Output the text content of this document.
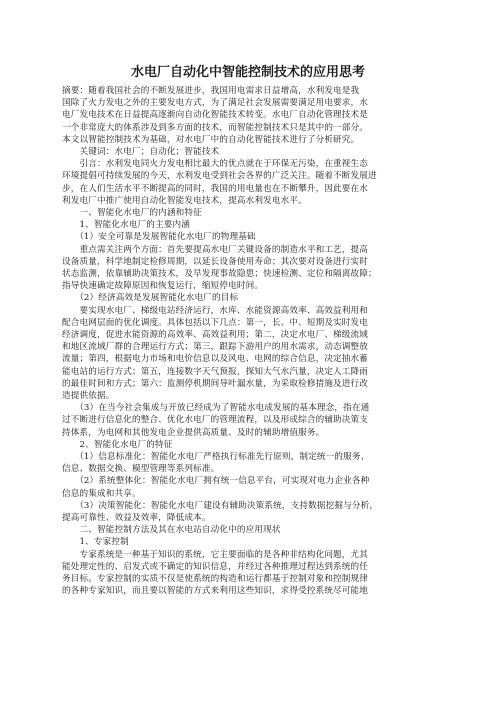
水电厂自动化中智能控制技术的应用思考
摘要：随着我国社会的不断发展进步，我国用电需求日益增高，水利发电是我
国除了火力发电之外的主要发电方式，为了满足社会发展需要满足用电要求，水
电厂发电技术在日益提高逐渐向自动化智能技术转变。水电厂自动化管理技术是
一个非常庞大的体系涉及到多方面的技术，而智能控制技术只是其中的一部分。
本文以智能控制技术为基础，对水电厂中的自动化智能技术进行了分析研究。
　　关键词：水电厂；自动化；智能技术
　　引言：水利发电同火力发电相比最大的优点就在于环保无污染，在重视生态
环境提倡可持续发展的今天，水利发电受到社会各界的广泛关注。随着不断发展进
步，在人们生活水平不断提高的同时，我国的用电量也在不断攀升，因此要在水
利发电厂中推广使用自动化智能发电技术，提高水利发电水平。
　　一、智能化水电厂的内涵和特征
　　1、智能化水电厂的主要内涵
　　（1）安全可靠是发展智能化水电厂的物理基础
　　重点需关注两个方面：首先要提高水电厂关键设备的制造水平和工艺，提高
设备质量，科学地制定检修周期，以延长设备使用寿命；其次要对设备进行实时
状态监测，依靠辅助决策技术，及早发现事故隐患；快速检测、定位和隔离故障；
指导快速确定故障原因和恢复运行，缩短停电时间。
　　（2）经济高效是发展智能化水电厂的目标
　　要实现水电厂、梯级电站经济运行，水库、水能资源高效率、高效益利用和
配合电网层面的优化调度。具体包括以下几点：第一，长、中、短期及实时发电
经济调度，促进水能资源的高效率、高效益利用；第二，决定水电厂、梯级流域
和地区流域厂群的合理运行方式；第三，跟踪下游用户的用水需求，动态调整放
流量；第四，根据电力市场和电价信息以及风电、电网的综合信息，决定抽水蓄
能电站的运行方式；第五，连接数字天气预报，探知大气水汽量，决定人工降雨
的最佳时间和方式；第六：监测停机期间导叶漏水量，为采取检修措施及进行改
造提供依据。
　　（3）在当今社会集成与开放已经成为了智能水电成发展的基本理念，指在通
过不断进行信息化的整合、优化水电厂的管理流程，以及形成综合的辅助决策支
持体系，为电网和其他发电企业提供高质量、及时的辅助增值服务。
　　2、智能化水电厂的特征
　　（1）信息标准化：智能化水电厂严格执行标准先行原则，制定统一的服务、
信息、数据交换、模型管理等系列标准。
　　（2）系统整体化：智能化水电厂拥有统一信息平台，可实现对电力企业各种
信息的集成和共享。
　　（3）决策智能化：智能化水电厂建设有辅助决策系统，支持数据挖掘与分析，
提高可靠性、效益及效率，降低成本。
　　二、智能控制方法及其在水电站自动化中的应用现状
　　1、专家控制
　　专家系统是一种基于知识的系统，它主要面临的是各种非结构化问题，尤其
能处理定性的、启发式或不确定的知识信息，并经过各种推理过程达到系统的任
务目标。专家控制的实质不仅是使系统的构造和运行都基于控制对象和控制规律
的各种专家知识，而且要以智能的方式来利用这些知识，求得受控系统尽可能地
